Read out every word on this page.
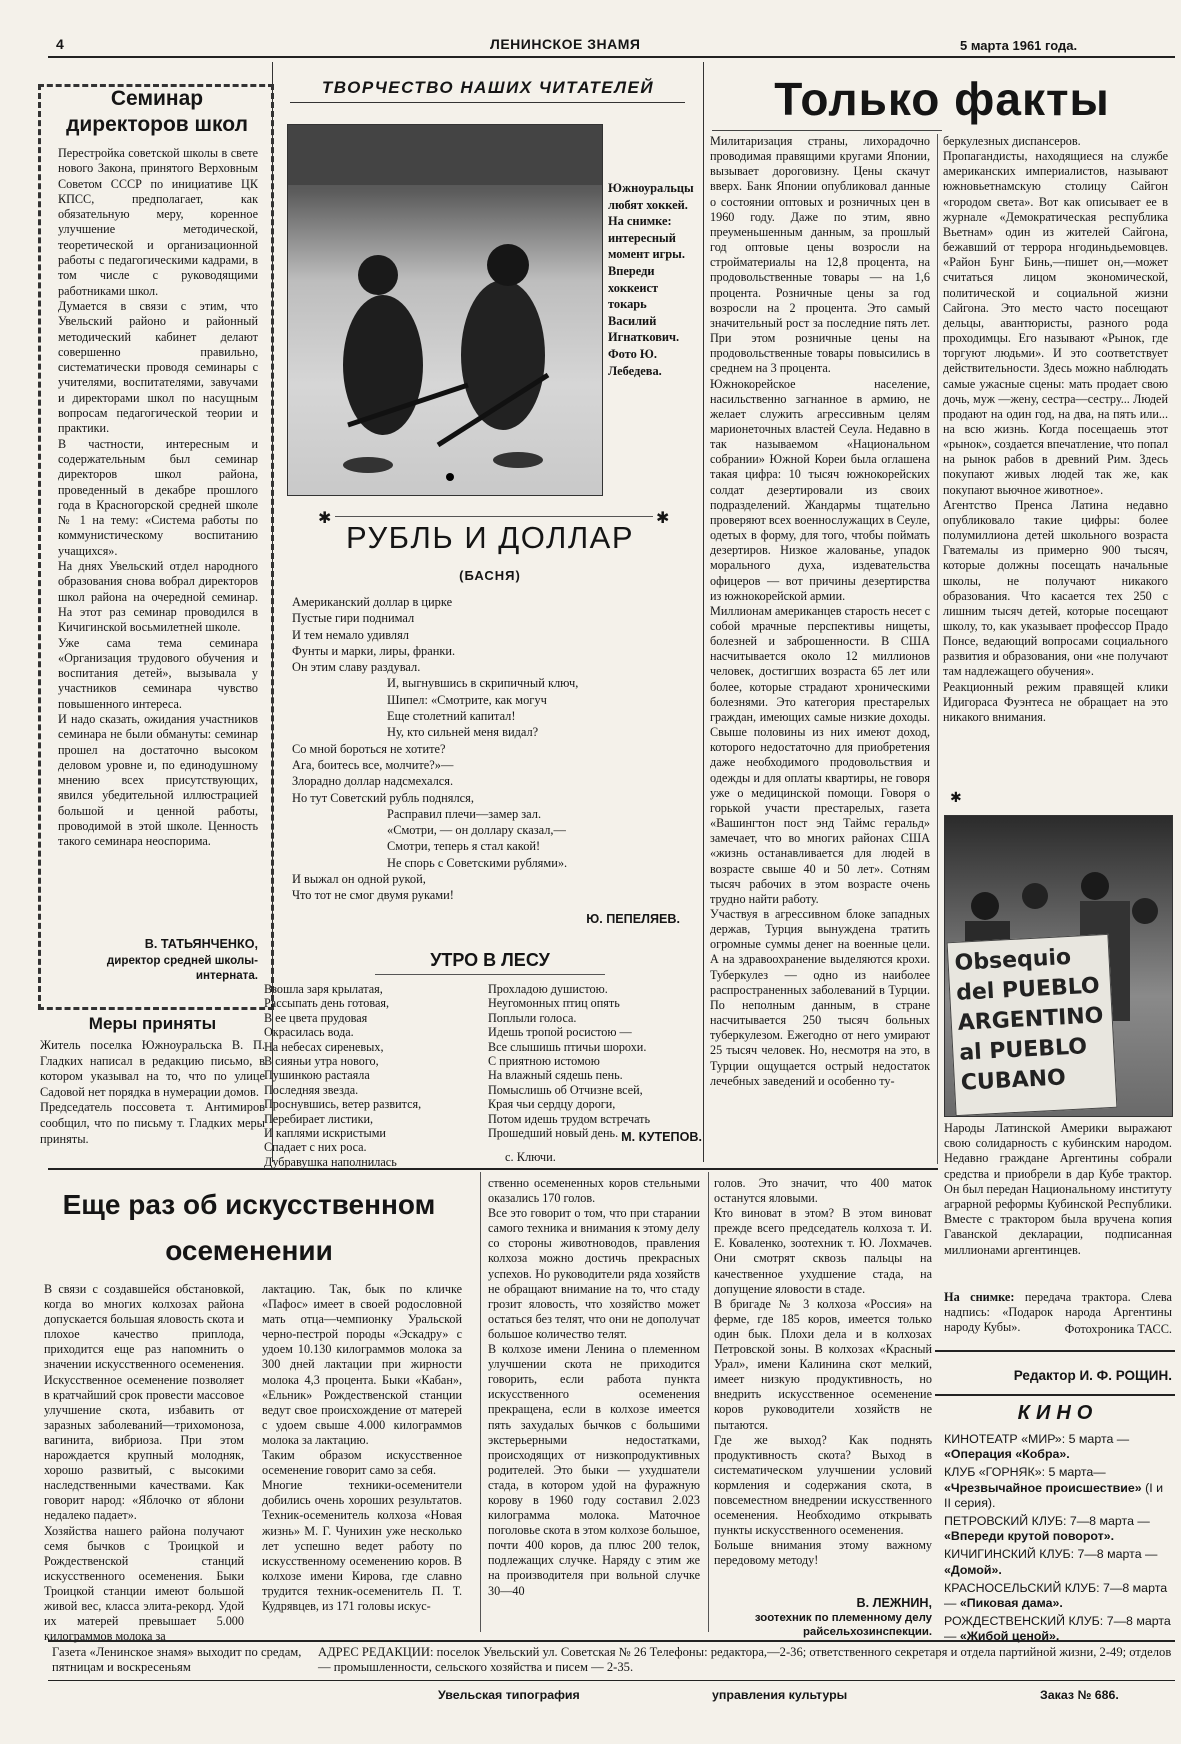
4	ЛЕНИНСКОЕ ЗНАМЯ	5 марта 1961 года.
Семинар директоров школ
Перестройка советской школы в свете нового Закона, принятого Верховным Советом СССР по инициативе ЦК КПСС, предполагает, как обязательную меру, коренное улучшение методической, теоретической и организационной работы с педагогическими кадрами, в том числе с руководящими работниками школ.
Думается в связи с этим, что Увельский районо и районный методический кабинет делают совершенно правильно, систематически проводя семинары с учителями, воспитателями, завучами и директорами школ по насущным вопросам педагогической теории и практики.
В частности, интересным и содержательным был семинар директоров школ района, проведенный в декабре прошлого года в Красногорской средней школе № 1 на тему: «Система работы по коммунистическому воспитанию учащихся».
На днях Увельский отдел народного образования снова вобрал директоров школ района на очередной семинар. На этот раз семинар проводился в Кичигинской восьмилетней школе.
Уже сама тема семинара «Организация трудового обучения и воспитания детей», вызывала у участников семинара чувство повышенного интереса.
И надо сказать, ожидания участников семинара не были обмануты: семинар прошел на достаточно высоком деловом уровне и, по единодушному мнению всех присутствующих, явился убедительной иллюстрацией большой и ценной работы, проводимой в этой школе. Ценность такого семинара неоспорима.
В. ТАТЬЯНЧЕНКО,
директор средней школы-интерната.
Меры приняты
Житель поселка Южноуральска В. П. Гладких написал в редакцию письмо, в котором указывал на то, что по улице Садовой нет порядка в нумерации домов.
Председатель поссовета т. Антимиров сообщил, что по письму т. Гладких меры приняты.
ТВОРЧЕСТВО НАШИХ ЧИТАТЕЛЕЙ
Южноуральцы любят хоккей. На снимке: интересный момент игры. Впереди хоккеист токарь Василий Игнаткович.
Фото Ю. Лебедева.
✱	✱
РУБЛЬ И ДОЛЛАР
(БАСНЯ)
Американский доллар в цирке
Пустые гири поднимал
И тем немало удивлял
Фунты и марки, лиры, франки.
Он этим славу раздувал.
И, выгнувшись в скрипичный ключ,
Шипел: «Смотрите, как могуч
Еще столетний капитал!
Ну, кто сильней меня видал?
Со мной бороться не хотите?
Ага, боитесь все, молчите?»—
Злорадно доллар надсмехался.
Но тут Советский рубль поднялся,
Расправил плечи—замер зал.
«Смотри, — он доллару сказал,—
Смотри, теперь я стал какой!
Не спорь с Советскими рублями».
И выжал он одной рукой,
Что тот не смог двумя руками!
Ю. ПЕПЕЛЯЕВ.
УТРО В ЛЕСУ
Взошла заря крылатая,
Рассыпать день готовая,
В ее цвета прудовая
Окрасилась вода.
На небесах сиреневых,
В сияньи утра нового,
Пушинкою растаяла
Последняя звезда.
Проснувшись, ветер развится,
Перебирает листики,
И каплями искристыми
Спадает с них роса.
Дубравушка наполнилась
Прохладою душистою.
Неугомонных птиц опять
Поплыли голоса.
Идешь тропой росистою —
Все слышишь птичьи шорохи.
С приятною истомою
На влажный сядешь пень.
Помыслишь об Отчизне всей,
Края чьи сердцу дороги,
Потом идешь трудом встречать
Прошедший новый день. М. КУТЕПОВ.
с. Ключи.
Только факты
Милитаризация страны, лихорадочно проводимая правящими кругами Японии, вызывает дороговизну. Цены скачут вверх. Банк Японии опубликовал данные о состоянии оптовых и розничных цен в 1960 году. Даже по этим, явно преуменьшенным данным, за прошлый год оптовые цены возросли на стройматериалы на 12,8 процента, на продовольственные товары — на 1,6 процента. Розничные цены за год возросли на 2 процента. Это самый значительный рост за последние пять лет. При этом розничные цены на продовольственные товары повысились в среднем на 3 процента.
Южнокорейское население, насильственно загнанное в армию, не желает служить агрессивным целям марионеточных властей Сеула. Недавно в так называемом «Национальном собрании» Южной Кореи была оглашена такая цифра: 10 тысяч южнокорейских солдат дезертировали из своих подразделений. Жандармы тщательно проверяют всех военнослужащих в Сеуле, одетых в форму, для того, чтобы поймать дезертиров. Низкое жалованье, упадок морального духа, издевательства офицеров — вот причины дезертирства из южнокорейской армии.
Миллионам американцев старость несет с собой мрачные перспективы нищеты, болезней и заброшенности. В США насчитывается около 12 миллионов человек, достигших возраста 65 лет или более, которые страдают хроническими болезнями. Это категория престарелых граждан, имеющих самые низкие доходы. Свыше половины из них имеют доход, которого недостаточно для приобретения даже необходимого продовольствия и одежды и для оплаты квартиры, не говоря уже о медицинской помощи. Говоря о горькой участи престарелых, газета «Вашингтон пост энд Таймс геральд» замечает, что во многих районах США «жизнь останавливается для людей в возрасте свыше 40 и 50 лет». Сотням тысяч рабочих в этом возрасте очень трудно найти работу.
Участвуя в агрессивном блоке западных держав, Турция вынуждена тратить огромные суммы денег на военные цели. А на здравоохранение выделяются крохи. Туберкулез — одно из наиболее распространенных заболеваний в Турции. По неполным данным, в стране насчитывается 250 тысяч больных туберкулезом. Ежегодно от него умирают 25 тысяч человек. Но, несмотря на это, в Турции ощущается острый недостаток лечебных заведений и особенно ту-
беркулезных диспансеров.
Пропагандисты, находящиеся на службе американских империалистов, называют южновьетнамскую столицу Сайгон «городом света». Вот как описывает ее в журнале «Демократическая республика Вьетнам» один из жителей Сайгона, бежавший от террора нгодиньдьемовцев. «Район Бунг Бинь,—пишет он,—может считаться лицом экономической, политической и социальной жизни Сайгона. Это место часто посещают дельцы, авантюристы, разного рода проходимцы. Его называют «Рынок, где торгуют людьми». И это соответствует действительности. Здесь можно наблюдать самые ужасные сцены: мать продает свою дочь, муж —жену, сестра—сестру... Людей продают на один год, на два, на пять или... на всю жизнь. Когда посещаешь этот «рынок», создается впечатление, что попал на рынок рабов в древний Рим. Здесь покупают живых людей так же, как покупают вьючное животное».
Агентство Пренса Латина недавно опубликовало такие цифры: более полумиллиона детей школьного возраста Гватемалы из примерно 900 тысяч, которые должны посещать начальные школы, не получают никакого образования. Что касается тех 250 с лишним тысяч детей, которые посещают школу, то, как указывает профессор Прадо Понсе, ведающий вопросами социального развития и образования, они «не получают там надлежащего обучения».
Реакционный режим правящей клики Идигораса Фуэнтеса не обращает на это никакого внимания.
✱
Obsequio
del PUEBLO
ARGENTINO
al PUEBLO
CUBANO
Народы Латинской Америки выражают свою солидарность с кубинским народом. Недавно граждане Аргентины собрали средства и приобрели в дар Кубе трактор. Он был передан Национальному институту аграрной реформы Кубинской Республики. Вместе с трактором была вручена копия Гаванской декларации, подписанная миллионами аргентинцев.
На снимке: передача трактора. Слева надпись: «Подарок народа Аргентины народу Кубы».	Фотохроника ТАСС.
Редактор И. Ф. РОЩИН.
КИНО

КИНОТЕАТР «МИР»: 5 марта — «Операция «Кобра».

КЛУБ «ГОРНЯК»: 5 марта— «Чрезвычайное происшествие» (I и II серия).

ПЕТРОВСКИЙ КЛУБ: 7—8 марта — «Впереди крутой поворот».

КИЧИГИНСКИЙ КЛУБ: 7—8 марта — «Домой».

КРАСНОСЕЛЬСКИЙ КЛУБ: 7—8 марта — «Пиковая дама».

РОЖДЕСТВЕНСКИЙ КЛУБ: 7—8 марта — «Жибой ценой».

Еще раз об искусственном осеменении
В связи с создавшейся обстановкой, когда во многих колхозах района допускается большая яловость скота и плохое качество приплода, приходится еще раз напомнить о значении искусственного осеменения. Искусственное осеменение позволяет в кратчайший срок провести массовое улучшение скота, избавить от заразных заболеваний—трихомоноза, вагинита, вибриоза. При этом нарождается крупный молодняк, хорошо развитый, с высокими наследственными качествами. Как говорит народ: «Яблочко от яблони недалеко падает».
Хозяйства нашего района получают семя бычков с Троицкой и Рождественской станций искусственного осеменения. Быки Троицкой станции имеют большой живой вес, класса элита-рекорд. Удой их матерей превышает 5.000 килограммов молока за
лактацию. Так, бык по кличке «Пафос» имеет в своей родословной мать отца—чемпионку Уральской черно-пестрой породы «Эскадру» с удоем 10.130 килограммов молока за 300 дней лактации при жирности молока 4,3 процента. Быки «Кабан», «Ельник» Рождественской станции ведут свое происхождение от матерей с удоем свыше 4.000 килограммов молока за лактацию.
Таким образом искусственное осеменение говорит само за себя.
Многие техники-осеменители добились очень хороших результатов. Техник-осеменитель колхоза «Новая жизнь» М. Г. Чунихин уже несколько лет успешно ведет работу по искусственному осеменению коров. В колхозе имени Кирова, где славно трудится техник-осеменитель П. Т. Кудрявцев, из 171 головы искус-
ственно осемененных коров стельными оказались 170 голов.
Все это говорит о том, что при старании самого техника и внимания к этому делу со стороны животноводов, правления колхоза можно достичь прекрасных успехов. Но руководители ряда хозяйств не обращают внимание на то, что стаду грозит яловость, что хозяйство может остаться без телят, что они не дополучат большое количество телят.
В колхозе имени Ленина о племенном улучшении скота не приходится говорить, если работа пункта искусственного осеменения прекращена, если в колхозе имеется пять захудалых бычков с большими экстерьерными недостатками, происходящих от низкопродуктивных родителей. Это быки — ухудшатели стада, в котором удой на фуражную корову в 1960 году составил 2.023 килограмма молока. Маточное поголовье скота в этом колхозе большое, почти 400 коров, да плюс 200 телок, подлежащих случке. Наряду с этим же на производителя при вольной случке 30—40
голов. Это значит, что 400 маток останутся яловыми.
Кто виноват в этом? В этом виноват прежде всего председатель колхоза т. И. Е. Коваленко, зоотехник т. Ю. Лохмачев. Они смотрят сквозь пальцы на качественное ухудшение стада, на допущение яловости в стаде.
В бригаде № 3 колхоза «Россия» на ферме, где 185 коров, имеется только один бык. Плохи дела и в колхозах Петровской зоны. В колхозах «Красный Урал», имени Калинина скот мелкий, имеет низкую продуктивность, но внедрить искусственное осеменение коров руководители хозяйств не пытаются.
Где же выход? Как поднять продуктивность скота? Выход в систематическом улучшении условий кормления и содержания скота, в повсеместном внедрении искусственного осеменения. Необходимо открывать пункты искусственного осеменения.
Больше внимания этому важному передовому методу!
В. ЛЕЖНИН,
зоотехник по племенному делу райсельхозинспекции.
Газета «Ленинское знамя» выходит по средам, пятницам и воскресеньям
АДРЕС РЕДАКЦИИ: поселок Увельский ул. Советская № 26 Телефоны: редактора,—2-36; ответственного секретаря и отдела партийной жизни, 2-49; отделов — промышленности, сельского хозяйства и писем — 2-35.
Увельская типография	управления культуры	Заказ № 686.
